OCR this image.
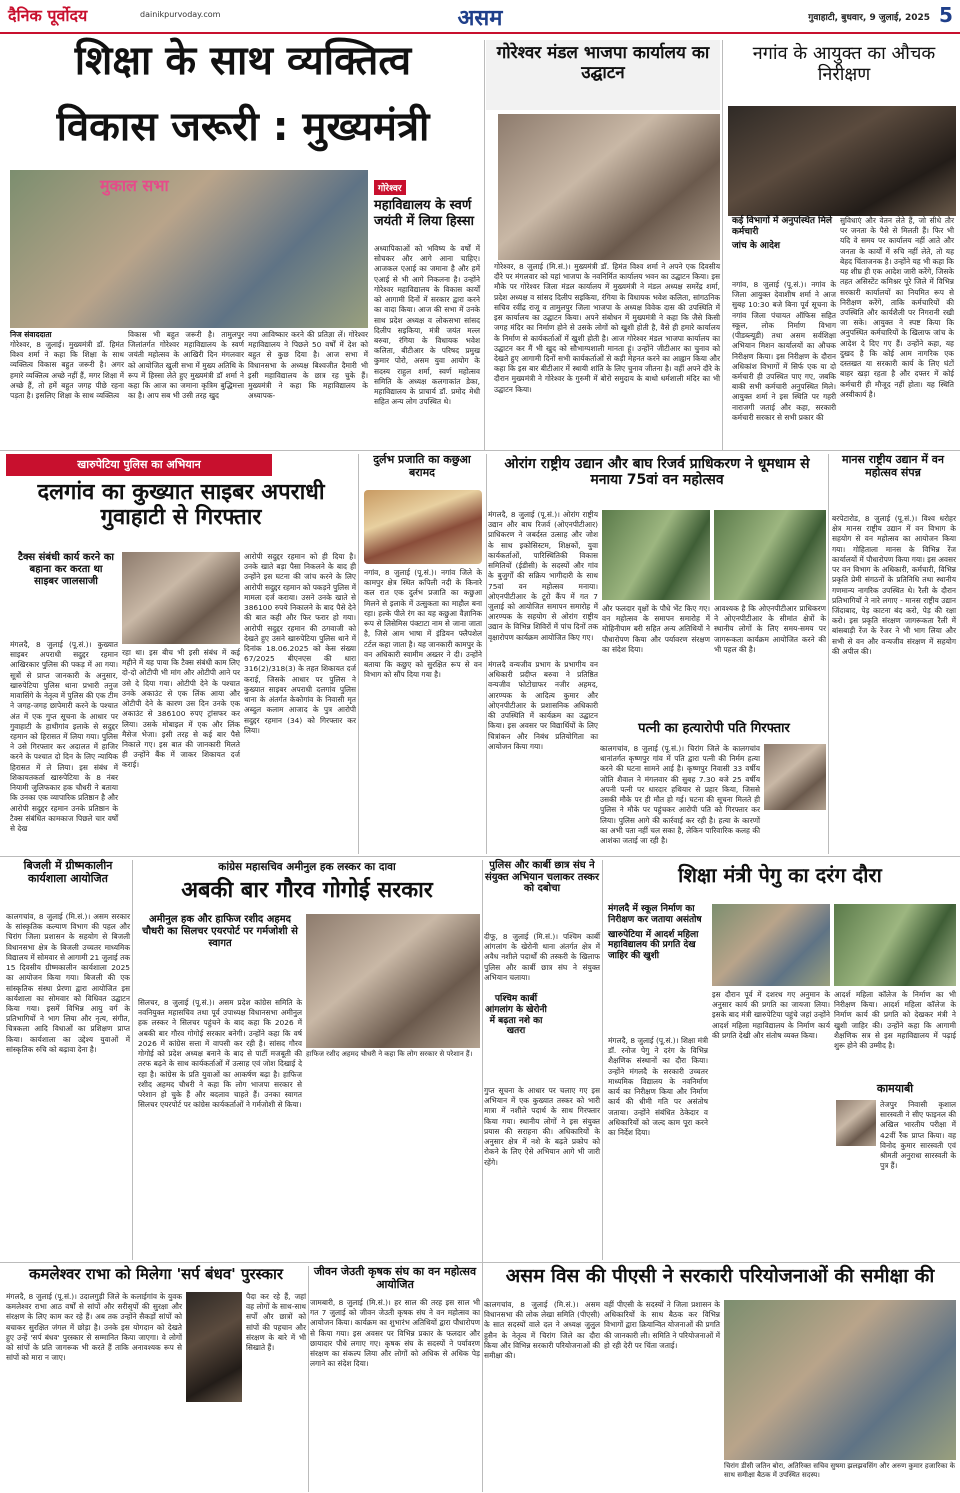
दैनिक पूर्वोदय	dainikpurvoday.com	असम	गुवाहाटी, बुधवार, 9 जुलाई, 2025 5
शिक्षा के साथ व्यक्तित्व
विकास जरूरी : मुख्यमंत्री
मुकाल सभा	गोरेश्वर
महाविद्यालय के स्वर्ण जयंती में लिया हिस्सा
अध्यापिकाओं को भविष्य के वर्षों में सोचकर और आगे आना चाहिए। आजकल एआई का जमाना है और हमें एआई से भी आगे निकलना है। उन्होंने गोरेश्वर महाविद्यालय के विकास कार्यों को आगामी दिनों में सरकार द्वारा करने का वादा किया। आज की सभा में उनके साथ प्रदेश अध्यक्ष व लोकसभा सांसद दिलीप सइकिया, मंत्री जयंत मल्ल बरुवा, रंगिया के विधायक भवेश कलिता, बीटीआर के परिषद प्रमुख कुमार पोरो, असम युवा आयोग के सदस्य राहुल शर्मा, स्वर्ण महोत्सव समिति के अध्यक्ष कलगाकांत डेका, महाविद्यालय के प्राचार्य डॉ. प्रमोद मेधी सहित अन्य लोग उपस्थित थे।
निज संवाददाता
गोरेश्वर, 8 जुलाई। मुख्यमंत्री डॉ. हिमंत विश्व शर्मा ने कहा कि शिक्षा के साथ व्यक्तित्व विकास बहुत जरूरी है। अगर हमारे व्यक्तित्व अच्छे नहीं हैं, मगर शिक्षा में अच्छे हैं, तो हमें बहुत जगह पीछे रहना पड़ता है। इसलिए शिक्षा के साथ व्यक्तित्व
विकास भी बहुत जरूरी है। तामुलपुर जिलांतर्गत गोरेश्वर महाविद्यालय के स्वर्ण जयंती महोत्सव के आखिरी दिन मंगलवार को आयोजित खुली सभा में मुख्य अतिथि के रूप में हिस्सा लेते हुए मुख्यमंत्री डॉ शर्मा ने कहा कि आज का जमाना कृत्रिम बुद्धिमत्ता का है। आप सब भी उसी तरह खुद
नया आविष्कार करने की प्रतिज्ञा लें। गोरेश्वर महाविद्यालय ने पिछले 50 वर्षों में देश को बहुत से कुछ दिया है। आज सभा में विधानसभा के अध्यक्ष बिश्वजीत दैमारी भी इसी महाविद्यालय के छात्र रह चुके हैं। मुख्यमंत्री ने कहा कि महाविद्यालय के अध्यापक-
गोरेश्वर मंडल भाजपा कार्यालय का उद्घाटन
गोरेश्वर, 8 जुलाई (मि.सं.)। मुख्यमंत्री डॉ. हिमंत विश्व शर्मा ने अपने एक दिवसीय दौरे पर मंगलवार को यहां भाजपा के नवनिर्मित कार्यालय भवन का उद्घाटन किया। इस मौके पर गोरेश्वर जिला मंडल कार्यालय में मुख्यमंत्री ने मंडल अध्यक्ष समरेंद्र शर्मा, प्रदेश अध्यक्ष व सांसद दिलीप सइकिया, रंगिया के विधायक भवेश कलिता, सांगठनिक सचिव रवींद्र राजू व तामुलपुर जिला भाजपा के अध्यक्ष विवेक दास की उपस्थिति में इस कार्यालय का उद्घाटन किया। अपने संबोधन में मुख्यमंत्री ने कहा कि जैसे किसी जगह मंदिर का निर्माण होने से उसके लोगों को खुशी होती है, वैसे ही हमारे कार्यालय के निर्माण से कार्यकर्ताओं में खुशी होती है। आज गोरेश्वर मंडल भाजपा कार्यालय का उद्घाटन कर मैं भी खुद को सौभाग्यशाली मानता हूं। उन्होंने जीटीआर का चुनाव को देखते हुए आगामी दिनों सभी कार्यकर्ताओं से कड़ी मेहनत करने का आह्वान किया और कहा कि इस बार बीटीआर में स्थायी शांति के लिए चुनाव जीतना है। वहीं अपने दौरे के दौरान मुख्यमंत्री ने गोरेश्वर के गुरुमी में बोरो समुदाय के बाथो धर्मशाली मंदिर का भी उद्घाटन किया।
नगांव के आयुक्त का औचक निरीक्षण
कई विभागों में अनुपस्थित मिले कर्मचारी
जांच के आदेश
नगांव, 8 जुलाई (पू.सं.)। नगांव के जिला आयुक्त देवाशीष शर्मा ने आज सुबह 10:30 बजे बिना पूर्व सूचना के नगांव जिला पंचायत ऑफिस सहित स्कूल, लोक निर्माण विभाग (पीडब्ल्यूडी) तथा असम सर्वशिक्षा अभियान मिशन कार्यालयों का औचक निरीक्षण किया। इस निरीक्षण के दौरान अधिकांश विभागों में सिर्फ एक या दो कर्मचारी ही उपस्थित पाए गए, जबकि बाकी सभी कर्मचारी अनुपस्थित मिले। आयुक्त शर्मा ने इस स्थिति पर गहरी नाराजगी जताई और कहा, सरकारी कर्मचारी सरकार से सभी प्रकार की
सुविधाएं और वेतन लेते हैं, जो सीधे तौर पर जनता के पैसे से मिलती हैं। फिर भी यदि वे समय पर कार्यालय नहीं आते और जनता के कार्यों में रुचि नहीं लेते, तो यह बेहद चिंताजनक है। उन्होंने यह भी कहा कि यह शीघ्र ही एक आदेश जारी करेंगे, जिसके तहत असिस्टेंट कमिश्नर पूरे जिले में विभिन्न सरकारी कार्यालयों का नियमित रूप से निरीक्षण करेंगे, ताकि कर्मचारियों की उपस्थिति और कार्यशैली पर निगरानी रखी जा सके। आयुक्त ने स्पष्ट किया कि अनुपस्थित कर्मचारियों के खिलाफ जांच के आदेश दे दिए गए हैं। उन्होंने कहा, यह दुखद है कि कोई आम नागरिक एक दस्तखत या सरकारी कार्य के लिए घंटों बाहर खड़ा रहता है और दफ्तर में कोई कर्मचारी ही मौजूद नहीं होता। यह स्थिति अस्वीकार्य है।
खारुपेटिया पुलिस का अभियान
दलगांव का कुख्यात साइबर अपराधी गुवाहाटी से गिरफ्तार
टैक्स संबंधी कार्य करने का बहाना कर करता था साइबर जालसाजी
मंगलदै, 8 जुलाई (पू.सं.)। कुख्यात साइबर अपराधी सदुद्दर रहमान आखिरकार पुलिस की पकड़ में आ गया। सूत्रों से प्राप्त जानकारी के अनुसार, खारुपेटिया पुलिस थाना प्रभारी तनुज मावासिंगे के नेतृत्व में पुलिस की एक टीम ने जगह-जगह छापेमारी करने के पश्चात अंत में एक गुप्त सूचना के आधार पर गुवाहाटी के हाथीगांव इलाके से सदुद्दर रहमान को हिरासत में लिया गया। पुलिस ने उसे गिरफ्तार कर अदालत में हाजिर करने के पश्चात दो दिन के लिए न्यायिक हिरासत में ले लिया। इस संबंध में शिकायतकर्ता खारुपेटिया के 8 नंबर नियामी जुलिफकार हक चौधरी ने बताया कि उनका एक व्यापारिक प्रतिष्ठान है और आरोपी सदुद्दर रहमान उनके प्रतिष्ठान के टैक्स संबंधित कामकाज पिछले चार वर्षों से देख
रहा था। इस बीच भी इसी संबंध में कई महीने में यह पाया कि टैक्स संबंधी काम लिए दो-दो ओटीपी भी मांग और ओटीपी आने पर उसे दे दिया गया। ओटीपी देने के पश्चात उनके अकाउंट से एक लिंक आया और ओटीपी देने के कारण उस दिन उनके एक अकाउंट से 386100 रुपए ट्रांसफर कर लिया। उसके मोबाइल में एक और लिंक मैसेज भेजा। इसी तरह से कई बार पैसे निकाले गए। इस बात की जानकारी मिलते ही उन्होंने बैंक में जाकर शिकायत दर्ज कराई।
आरोपी सदुद्दर रहमान को ही दिया है। उनके खाते बड़ा पैसा निकलने के बाद ही उन्होंने इस घटना की जांच करने के लिए आरोपी सदुद्दर रहमान को पकड़ने पुलिस में मामला दर्ज कराया। उसने उनके खाते से 386100 रुपये निकालने के बाद पैसे देने की बात कही और फिर फरार हो गया। आरोपी सदुद्दर रहमान की ठगवाजी को देखते हुए उसने खारुपेटिया पुलिस थाने में दिनांक 18.06.2025 को केस संख्या 67/2025 बीएनएस की धारा 316(2)/318(3) के तहत शिकायत दर्ज कराई, जिसके आधार पर पुलिस ने कुख्यात साइबर अपराधी दलगांव पुलिस थाना के अंतर्गत केकोगांव के निवासी मृत अब्दुल कलाम आजाद के पुत्र आरोपी सदुद्दर रहमान (34) को गिरफ्तार कर लिया।
दुर्लभ प्रजाति का कछुआ बरामद
नगांव, 8 जुलाई (पू.सं.)। नगांव जिले के कामपुर क्षेत्र स्थित कपिली नदी के किनारे कल रात एक दुर्लभ प्रजाति का कछुआ मिलने से इलाके में उत्सुकता का माहौल बना रहा। हल्के पीले रंग का यह कछुआ वैज्ञानिक रूप से लिसेमिस पंक्टाटा नाम से जाना जाता है, जिसे आम भाषा में इंडियन फ्लैपशेल टर्टल कहा जाता है। यह जानकारी कामपुर के वन अधिकारी स्वामीम अख्तर ने दी। उन्होंने बताया कि कछुए को सुरक्षित रूप से वन विभाग को सौंप दिया गया है।
ओरांग राष्ट्रीय उद्यान और बाघ रिजर्व प्राधिकरण ने धूमधाम से मनाया 75वां वन महोत्सव
मंगलदै, 8 जुलाई (पू.सं.)। ओरांग राष्ट्रीय उद्यान और बाघ रिजर्व (ओएनपीटीआर) प्राधिकरण ने जबर्दस्त उत्साह और जोश के साथ इकोसिस्टम, शिक्षकों, युवा कार्यकर्ताओं, पारिस्थितिकी विकास समितियों (ईडीसी) के सदस्यों और गांव के बुजुर्गों की सक्रिय भागीदारी के साथ 75वां वन महोत्सव मनाया। ओएनपीटीआर के टूरो कैंप में गत 7 जुलाई को आयोजित समापन समारोह में आरण्यक के सहयोग से ओरांग राष्ट्रीय उद्यान के विभिन्न शिविरों में पांच दिनों तक वृक्षारोपण कार्यक्रम आयोजित किए गए।
मंगलदै वन्यजीव प्रभाग के प्रभागीय वन अधिकारी प्रदीप्त बरुवा ने प्रतिष्ठित वन्यजीव फोटोग्राफर नजीर अहमद, आरण्यक के आदित्य कुमार और ओएनपीटीआर के प्रशासनिक अधिकारी की उपस्थिति में कार्यक्रम का उद्घाटन किया। इस अवसर पर विद्यार्थियों के लिए चित्रांकन और निबंध प्रतियोगिता का आयोजन किया गया।
और फलदार वृक्षों के पौधे भेंट किए गए। वन महोत्सव के समापन समारोह में मोहिनीपाम बरी सहित अन्य अतिथियों ने पौधारोपण किया और पर्यावरण संरक्षण का संदेश दिया।
आवश्यक है कि ओएनपीटीआर प्राधिकरण ने ओएनपीटीआर के सीमांत क्षेत्रों के स्थानीय लोगों के लिए समय-समय पर जागरूकता कार्यक्रम आयोजित करने की भी पहल की है।
मानस राष्ट्रीय उद्यान में वन महोत्सव संपन्न
बरपेटारोड, 8 जुलाई (पू.सं.)। विश्व धरोहर क्षेत्र मानस राष्ट्रीय उद्यान में वन विभाग के सहयोग से वन महोत्सव का आयोजन किया गया। गोहिताला मानस के विभिन्न रेंज कार्यालयों में पौधारोपण किया गया। इस अवसर पर वन विभाग के अधिकारी, कर्मचारी, विभिन्न प्रकृति प्रेमी संगठनों के प्रतिनिधि तथा स्थानीय गणमान्य नागरिक उपस्थित थे। रैली के दौरान प्रतिभागियों ने नारे लगाए - मानस राष्ट्रीय उद्यान जिंदाबाद, पेड़ काटना बंद करो, पेड़ की रक्षा करो। इस प्रकृति संरक्षण जागरूकता रैली में बांसबाड़ी रेंज के रेंजर ने भी भाग लिया और सभी से वन और वन्यजीव संरक्षण में सहयोग की अपील की।
पत्नी का हत्यारोपी पति गिरफ्तार
कालगचांव, 8 जुलाई (पू.सं.)। चिरांग जिले के कालगचांव थानांतर्गत कृष्णपुर गांव में पति द्वारा पत्नी की निर्मम हत्या करने की घटना सामने आई है। कृष्णपुर निवासी 33 वर्षीय जोति शैवाल ने मंगलवार की सुबह 7.30 बजे 25 वर्षीय अपनी पत्नी पर धारदार हथियार से प्रहार किया, जिससे उसकी मौके पर ही मौत हो गई। घटना की सूचना मिलते ही पुलिस ने मौके पर पहुंचकर आरोपी पति को गिरफ्तार कर लिया। पुलिस आगे की कार्रवाई कर रही है। हत्या के कारणों का अभी पता नहीं चल सका है, लेकिन पारिवारिक कलह की आशंका जताई जा रही है।
बिजली में ग्रीष्मकालीन कार्यशाला आयोजित
कालगचांव, 8 जुलाई (मि.सं.)। असम सरकार के सांस्कृतिक कल्याण विभाग की पहल और चिरांग जिला प्रशासन के सहयोग से बिजली विधानसभा क्षेत्र के बिजली उच्चतर माध्यमिक विद्यालय में सोमवार से आगामी 21 जुलाई तक 15 दिवसीय ग्रीष्मकालीन कार्यशाला 2025 का आयोजन किया गया। बिजली की एक सांस्कृतिक संस्था प्रेरणा द्वारा आयोजित इस कार्यशाला का सोमवार को विधिवत उद्घाटन किया गया। इसमें विभिन्न आयु वर्ग के प्रतिभागियों ने भाग लिया और नृत्य, संगीत, चित्रकला आदि विधाओं का प्रशिक्षण प्राप्त किया। कार्यशाला का उद्देश्य युवाओं में सांस्कृतिक रुचि को बढ़ावा देना है।
कांग्रेस महासचिव अमीनुल हक लस्कर का दावा
अबकी बार गौरव गोगोई सरकार
अमीनुल हक और हाफिज रशीद अहमद चौधरी का सिलचर एयरपोर्ट पर गर्मजोशी से स्वागत
सिलचर, 8 जुलाई (पू.सं.)। असम प्रदेश कांग्रेस समिति के नवनियुक्त महासचिव तथा पूर्व उपाध्यक्ष विधानसभा अमीनुल हक लस्कर ने सिलचर पहुंचने के बाद कहा कि 2026 में अबकी बार गौरव गोगोई सरकार बनेगी। उन्होंने कहा कि वर्ष 2026 में कांग्रेस सत्ता में वापसी कर रही है। सांसद गौरव गोगोई को प्रदेश अध्यक्ष बनाने के बाद से पार्टी मजबूती की तरफ बढ़ने के साथ कार्यकर्ताओं में उत्साह एवं जोश दिखाई दे रहा है। कांग्रेस के प्रति युवाओं का आकर्षण बढ़ा है। हाफिज रशीद अहमद चौधरी ने कहा कि लोग भाजपा सरकार से परेशान हो चुके हैं और बदलाव चाहते हैं। उनका स्वागत सिलचर एयरपोर्ट पर कांग्रेस कार्यकर्ताओं ने गर्मजोशी से किया।
हाफिज रशीद अहमद चौधरी ने कहा कि लोग सरकार से परेशान हैं।
पुलिस और कार्बी छात्र संघ ने संयुक्त अभियान चलाकर तस्कर को दबोचा
दीफू, 8 जुलाई (मि.सं.)। पश्चिम कार्बी आंगलांग के खेरोनी थाना अंतर्गत क्षेत्र में अवैध नशीले पदार्थों की तस्करी के खिलाफ पुलिस और कार्बी छात्र संघ ने संयुक्त अभियान चलाया।
पश्चिम कार्बी आंगलांग के खेरोनी में बढ़ता नशे का खतरा
गुप्त सूचना के आधार पर चलाए गए इस अभियान में एक कुख्यात तस्कर को भारी मात्रा में नशीले पदार्थ के साथ गिरफ्तार किया गया। स्थानीय लोगों ने इस संयुक्त प्रयास की सराहना की। अधिकारियों के अनुसार क्षेत्र में नशे के बढ़ते प्रकोप को रोकने के लिए ऐसे अभियान आगे भी जारी रहेंगे।
शिक्षा मंत्री पेगु का दरंग दौरा
मंगलदै में स्कूल निर्माण का निरीक्षण कर जताया असंतोष
खारुपेटिया में आदर्श महिला महाविद्यालय की प्रगति देख जाहिर की खुशी
मंगलदै, 8 जुलाई (पू.सं.)। शिक्षा मंत्री डॉ. रनोज पेगु ने दरंग के विभिन्न शैक्षणिक संस्थानों का दौरा किया। उन्होंने मंगलदै के सरकारी उच्चतर माध्यमिक विद्यालय के नवनिर्माण कार्य का निरीक्षण किया और निर्माण कार्य की धीमी गति पर असंतोष जताया। उन्होंने संबंधित ठेकेदार व अधिकारियों को जल्द काम पूरा करने का निर्देश दिया।
इस दौरान पूर्व में दशरथ गए अनुमान के अनुसार कार्य की प्रगति का जायजा लिया। इसके बाद मंत्री खारुपेटिया पहुंचे जहां उन्होंने आदर्श महिला महाविद्यालय के निर्माण कार्य की प्रगति देखी और संतोष व्यक्त किया।
आदर्श महिला कॉलेज के निर्माण का भी निरीक्षण किया। आदर्श महिला कॉलेज के निर्माण कार्य की प्रगति को देखकर मंत्री ने खुशी जाहिर की। उन्होंने कहा कि आगामी शैक्षणिक सत्र से इस महाविद्यालय में पढ़ाई शुरू होने की उम्मीद है।
कामयाबी
तेजपुर निवासी कृशाल सारस्वती ने सीए फाइनल की अखिल भारतीय परीक्षा में 42वीं रैंक प्राप्त किया। वह विनोद कुमार सारस्वती एवं श्रीमती अनुराधा सारस्वती के पुत्र हैं।
कमलेश्वर राभा को मिलेगा 'सर्प बंधव' पुरस्कार
मंगलदै, 8 जुलाई (पू.सं.)। उदालगुड़ी जिले के कलाईगांव के युवक कमलेश्वर राभा आठ वर्षों से सांपों और सरीसृपों की सुरक्षा और संरक्षण के लिए काम कर रहे हैं। अब तक उन्होंने सैकड़ों सांपों को बचाकर सुरक्षित जंगल में छोड़ा है। उनके इस योगदान को देखते हुए उन्हें 'सर्प बंधव' पुरस्कार से सम्मानित किया जाएगा। वे लोगों को सांपों के प्रति जागरूक भी करते हैं ताकि अनावश्यक रूप से सांपों को मारा न जाए।
पैदा कर रहे हैं, जहां वह लोगों के साथ-साथ सर्पों और छात्रों को सांपों की पहचान और संरक्षण के बारे में भी सिखाते हैं।
जीवन जेउती कृषक संघ का वन महोत्सव आयोजित
जामबारी, 8 जुलाई (मि.सं.)। हर साल की तरह इस साल भी गत 7 जुलाई को जीवन जेउती कृषक संघ ने वन महोत्सव का आयोजन किया। कार्यक्रम का शुभारंभ अतिथियों द्वारा पौधारोपण से किया गया। इस अवसर पर विभिन्न प्रकार के फलदार और छायादार पौधे लगाए गए। कृषक संघ के सदस्यों ने पर्यावरण संरक्षण का संकल्प लिया और लोगों को अधिक से अधिक पेड़ लगाने का संदेश दिया।
असम विस की पीएसी ने सरकारी परियोजनाओं की समीक्षा की
कालगचांव, 8 जुलाई (मि.सं.)। असम विधानसभा की लोक लेखा समिति (पीएसी) के सात सदस्यों वाले दल ने अध्यक्ष जुलुल हुसैन के नेतृत्व में चिरांग जिले का दौरा किया और विभिन्न सरकारी परियोजनाओं की समीक्षा की।
वहीं पीएसी के सदस्यों ने जिला प्रशासन के अधिकारियों के साथ बैठक कर विभिन्न विभागों द्वारा क्रियान्वित योजनाओं की प्रगति की जानकारी ली। समिति ने परियोजनाओं में हो रही देरी पर चिंता जताई।
चिरांग डीसी जतिन बोरा, अतिरिक्त सचिव सुषमा झलझवसिंग और अरुण कुमार हजारिका के साथ समीक्षा बैठक में उपस्थित सदस्य।
